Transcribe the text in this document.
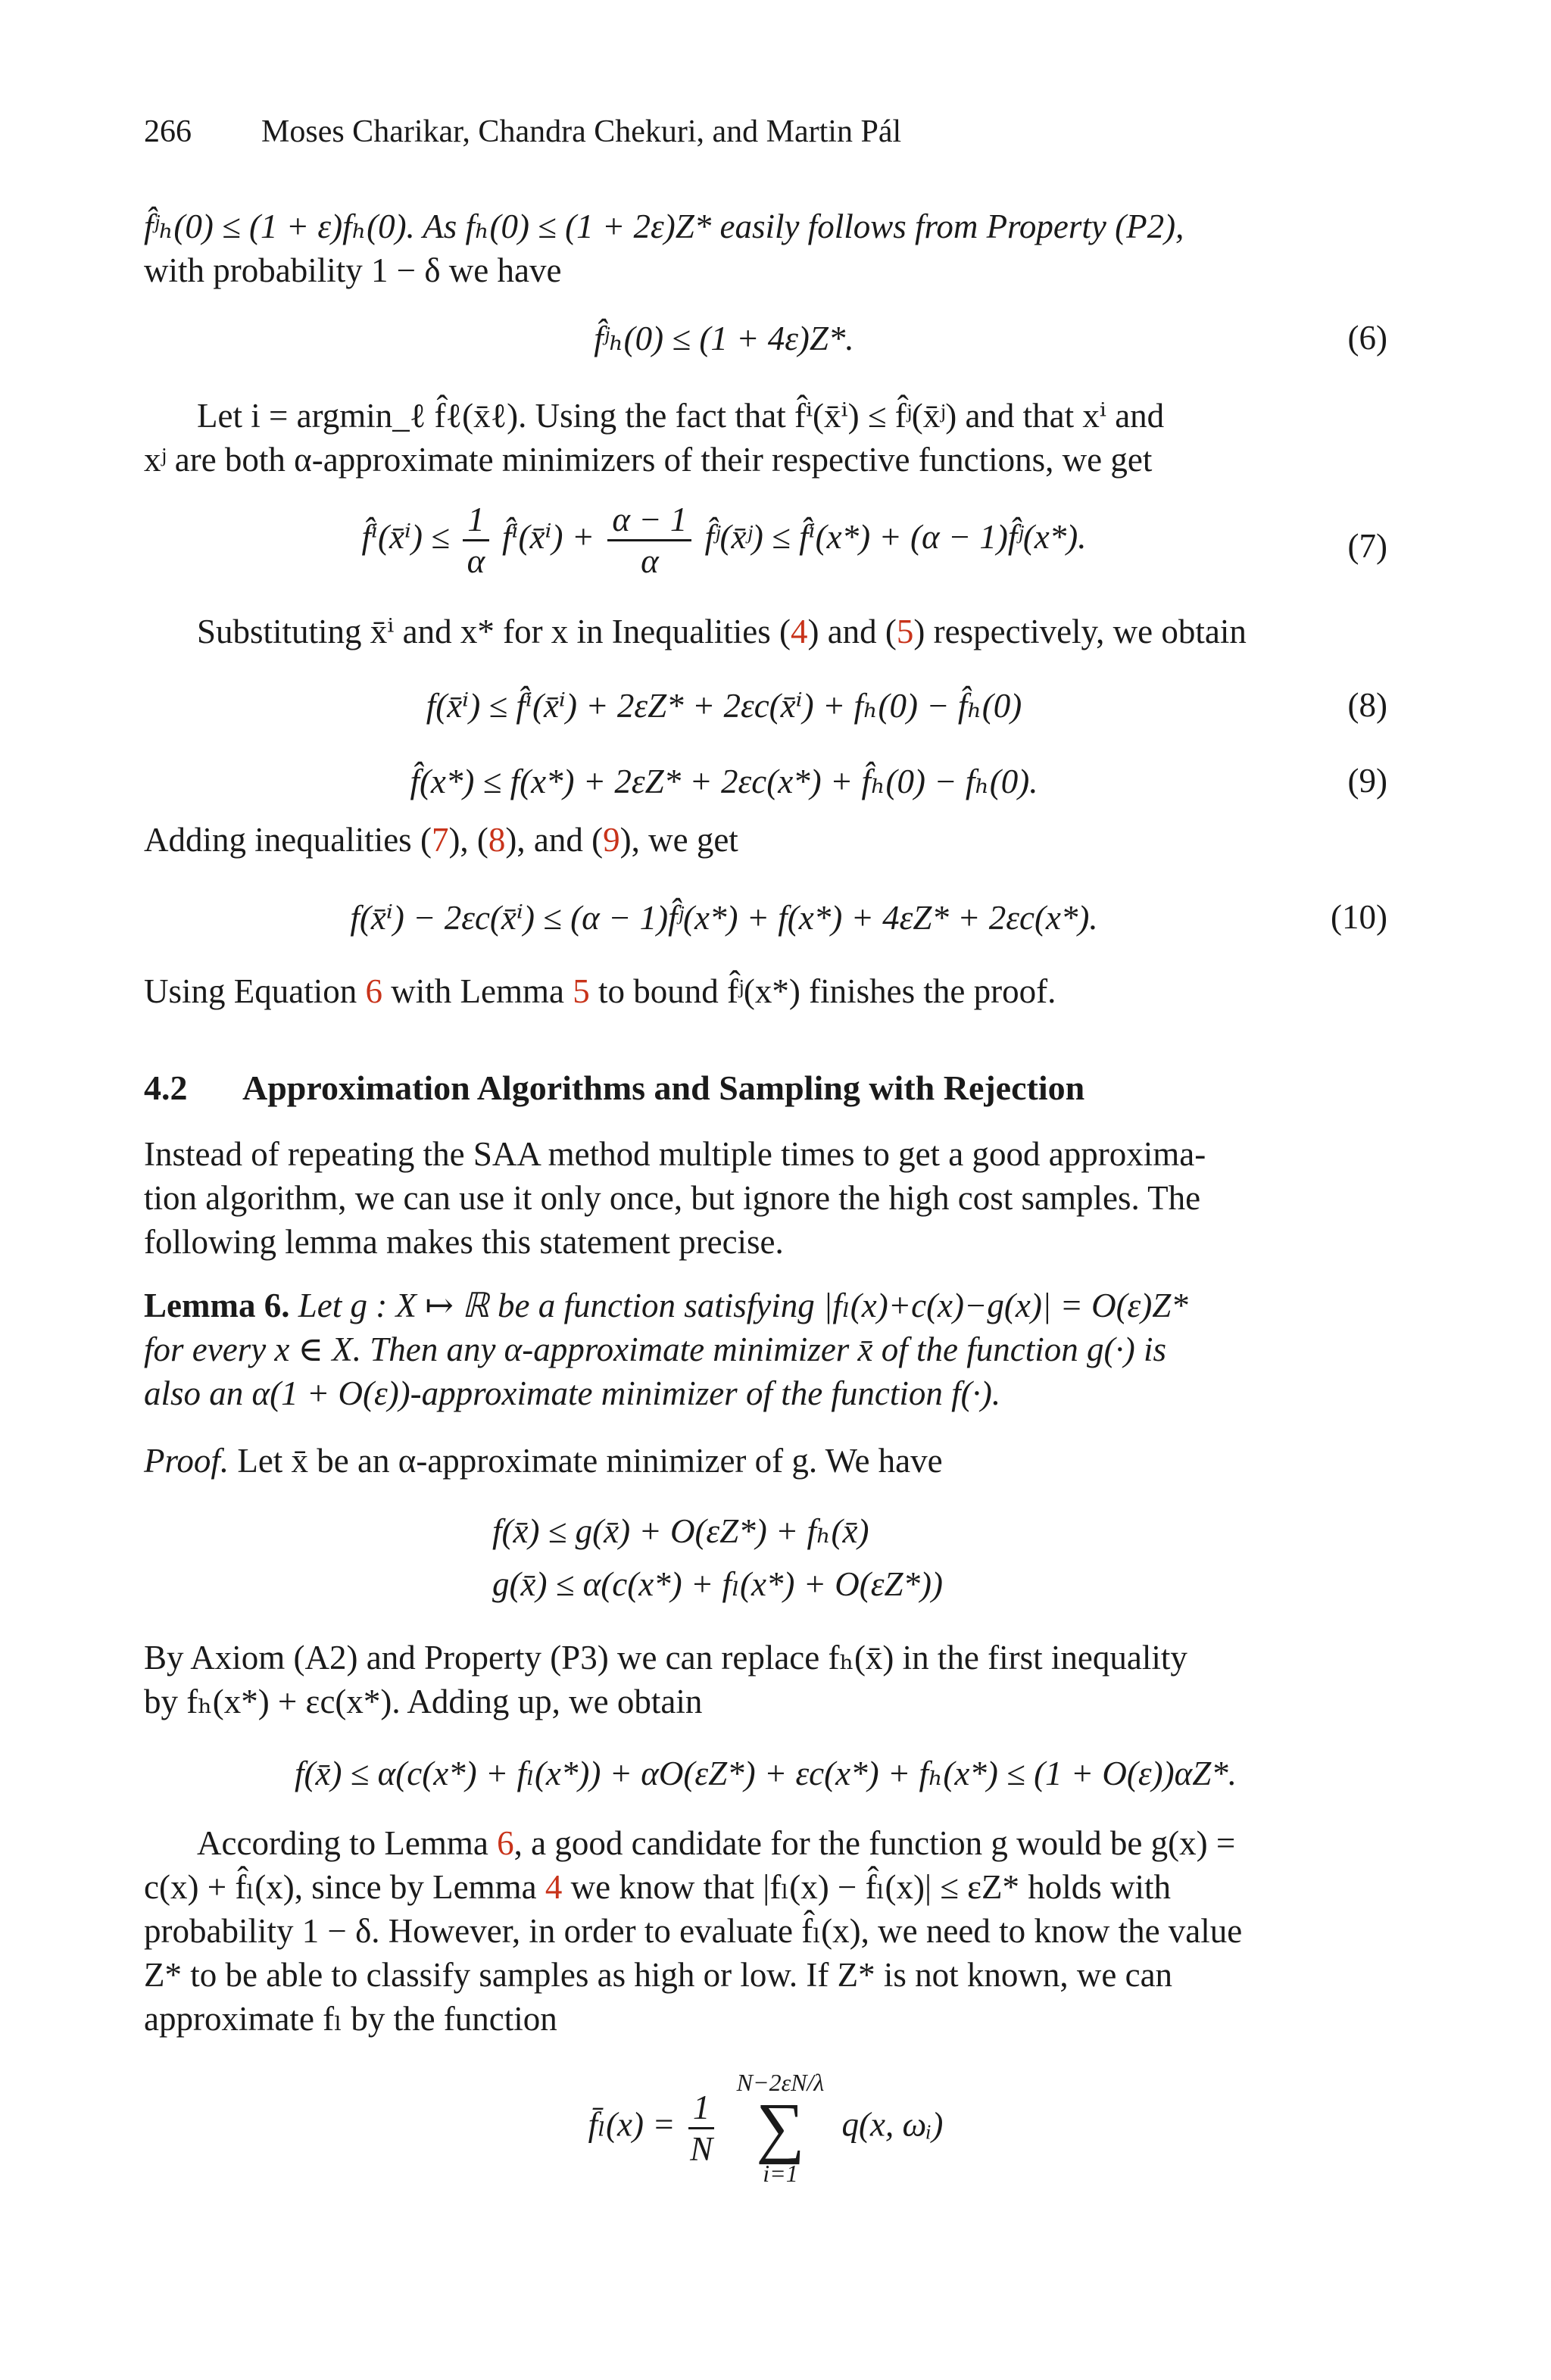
266 Moses Charikar, Chandra Chekuri, and Martin Pál
f̂ʲₕ(0) ≤ (1 + ε)fₕ(0). As fₕ(0) ≤ (1 + 2ε)Z* easily follows from Property (P2),
with probability 1 − δ we have
f̂ʲₕ(0) ≤ (1 + 4ε)Z*.	(6)
Let i = argmin_ℓ f̂ℓ(x̄ℓ). Using the fact that f̂ⁱ(x̄ⁱ) ≤ f̂ʲ(x̄ʲ) and that xⁱ and
xʲ are both α-approximate minimizers of their respective functions, we get
f̂ⁱ(x̄ⁱ) ≤ $\frac{1}{\alpha}$ f̂ⁱ(x̄ⁱ) + $\frac{\alpha - 1}{\alpha}$ f̂ʲ(x̄ʲ) ≤ f̂ⁱ(x*) + (α − 1)f̂ʲ(x*).	(7)
Substituting x̄ⁱ and x* for x in Inequalities (4) and (5) respectively, we obtain
f(x̄ⁱ) ≤ f̂ⁱ(x̄ⁱ) + 2εZ* + 2εc(x̄ⁱ) + fₕ(0) − f̂ₕ(0)	(8)
f̂(x*) ≤ f(x*) + 2εZ* + 2εc(x*) + f̂ₕ(0) − fₕ(0).	(9)
Adding inequalities (7), (8), and (9), we get
f(x̄ⁱ) − 2εc(x̄ⁱ) ≤ (α − 1)f̂ʲ(x*) + f(x*) + 4εZ* + 2εc(x*).	(10)
Using Equation 6 with Lemma 5 to bound f̂ʲ(x*) finishes the proof.
4.2 Approximation Algorithms and Sampling with Rejection
Instead of repeating the SAA method multiple times to get a good approxima-
tion algorithm, we can use it only once, but ignore the high cost samples. The
following lemma makes this statement precise.
Lemma 6. Let g : X ↦ ℝ be a function satisfying |fₗ(x)+c(x)−g(x)| = O(ε)Z*
for every x ∈ X. Then any α-approximate minimizer x̄ of the function g(·) is
also an α(1 + O(ε))-approximate minimizer of the function f(·).
Proof. Let x̄ be an α-approximate minimizer of g. We have
f(x̄) ≤ g(x̄) + O(εZ*) + fₕ(x̄)
g(x̄) ≤ α(c(x*) + fₗ(x*) + O(εZ*))
By Axiom (A2) and Property (P3) we can replace fₕ(x̄) in the first inequality
by fₕ(x*) + εc(x*). Adding up, we obtain
f(x̄) ≤ α(c(x*) + fₗ(x*)) + αO(εZ*) + εc(x*) + fₕ(x*) ≤ (1 + O(ε))αZ*.
According to Lemma 6, a good candidate for the function g would be g(x) =
c(x) + f̂ₗ(x), since by Lemma 4 we know that |fₗ(x) − f̂ₗ(x)| ≤ εZ* holds with
probability 1 − δ. However, in order to evaluate f̂ₗ(x), we need to know the value
Z* to be able to classify samples as high or low. If Z* is not known, we can
approximate fₗ by the function
f̄ₗ(x) = $\frac{1}{N}$

N−2εN/λ
∑
i=1
q(x, ωᵢ)
